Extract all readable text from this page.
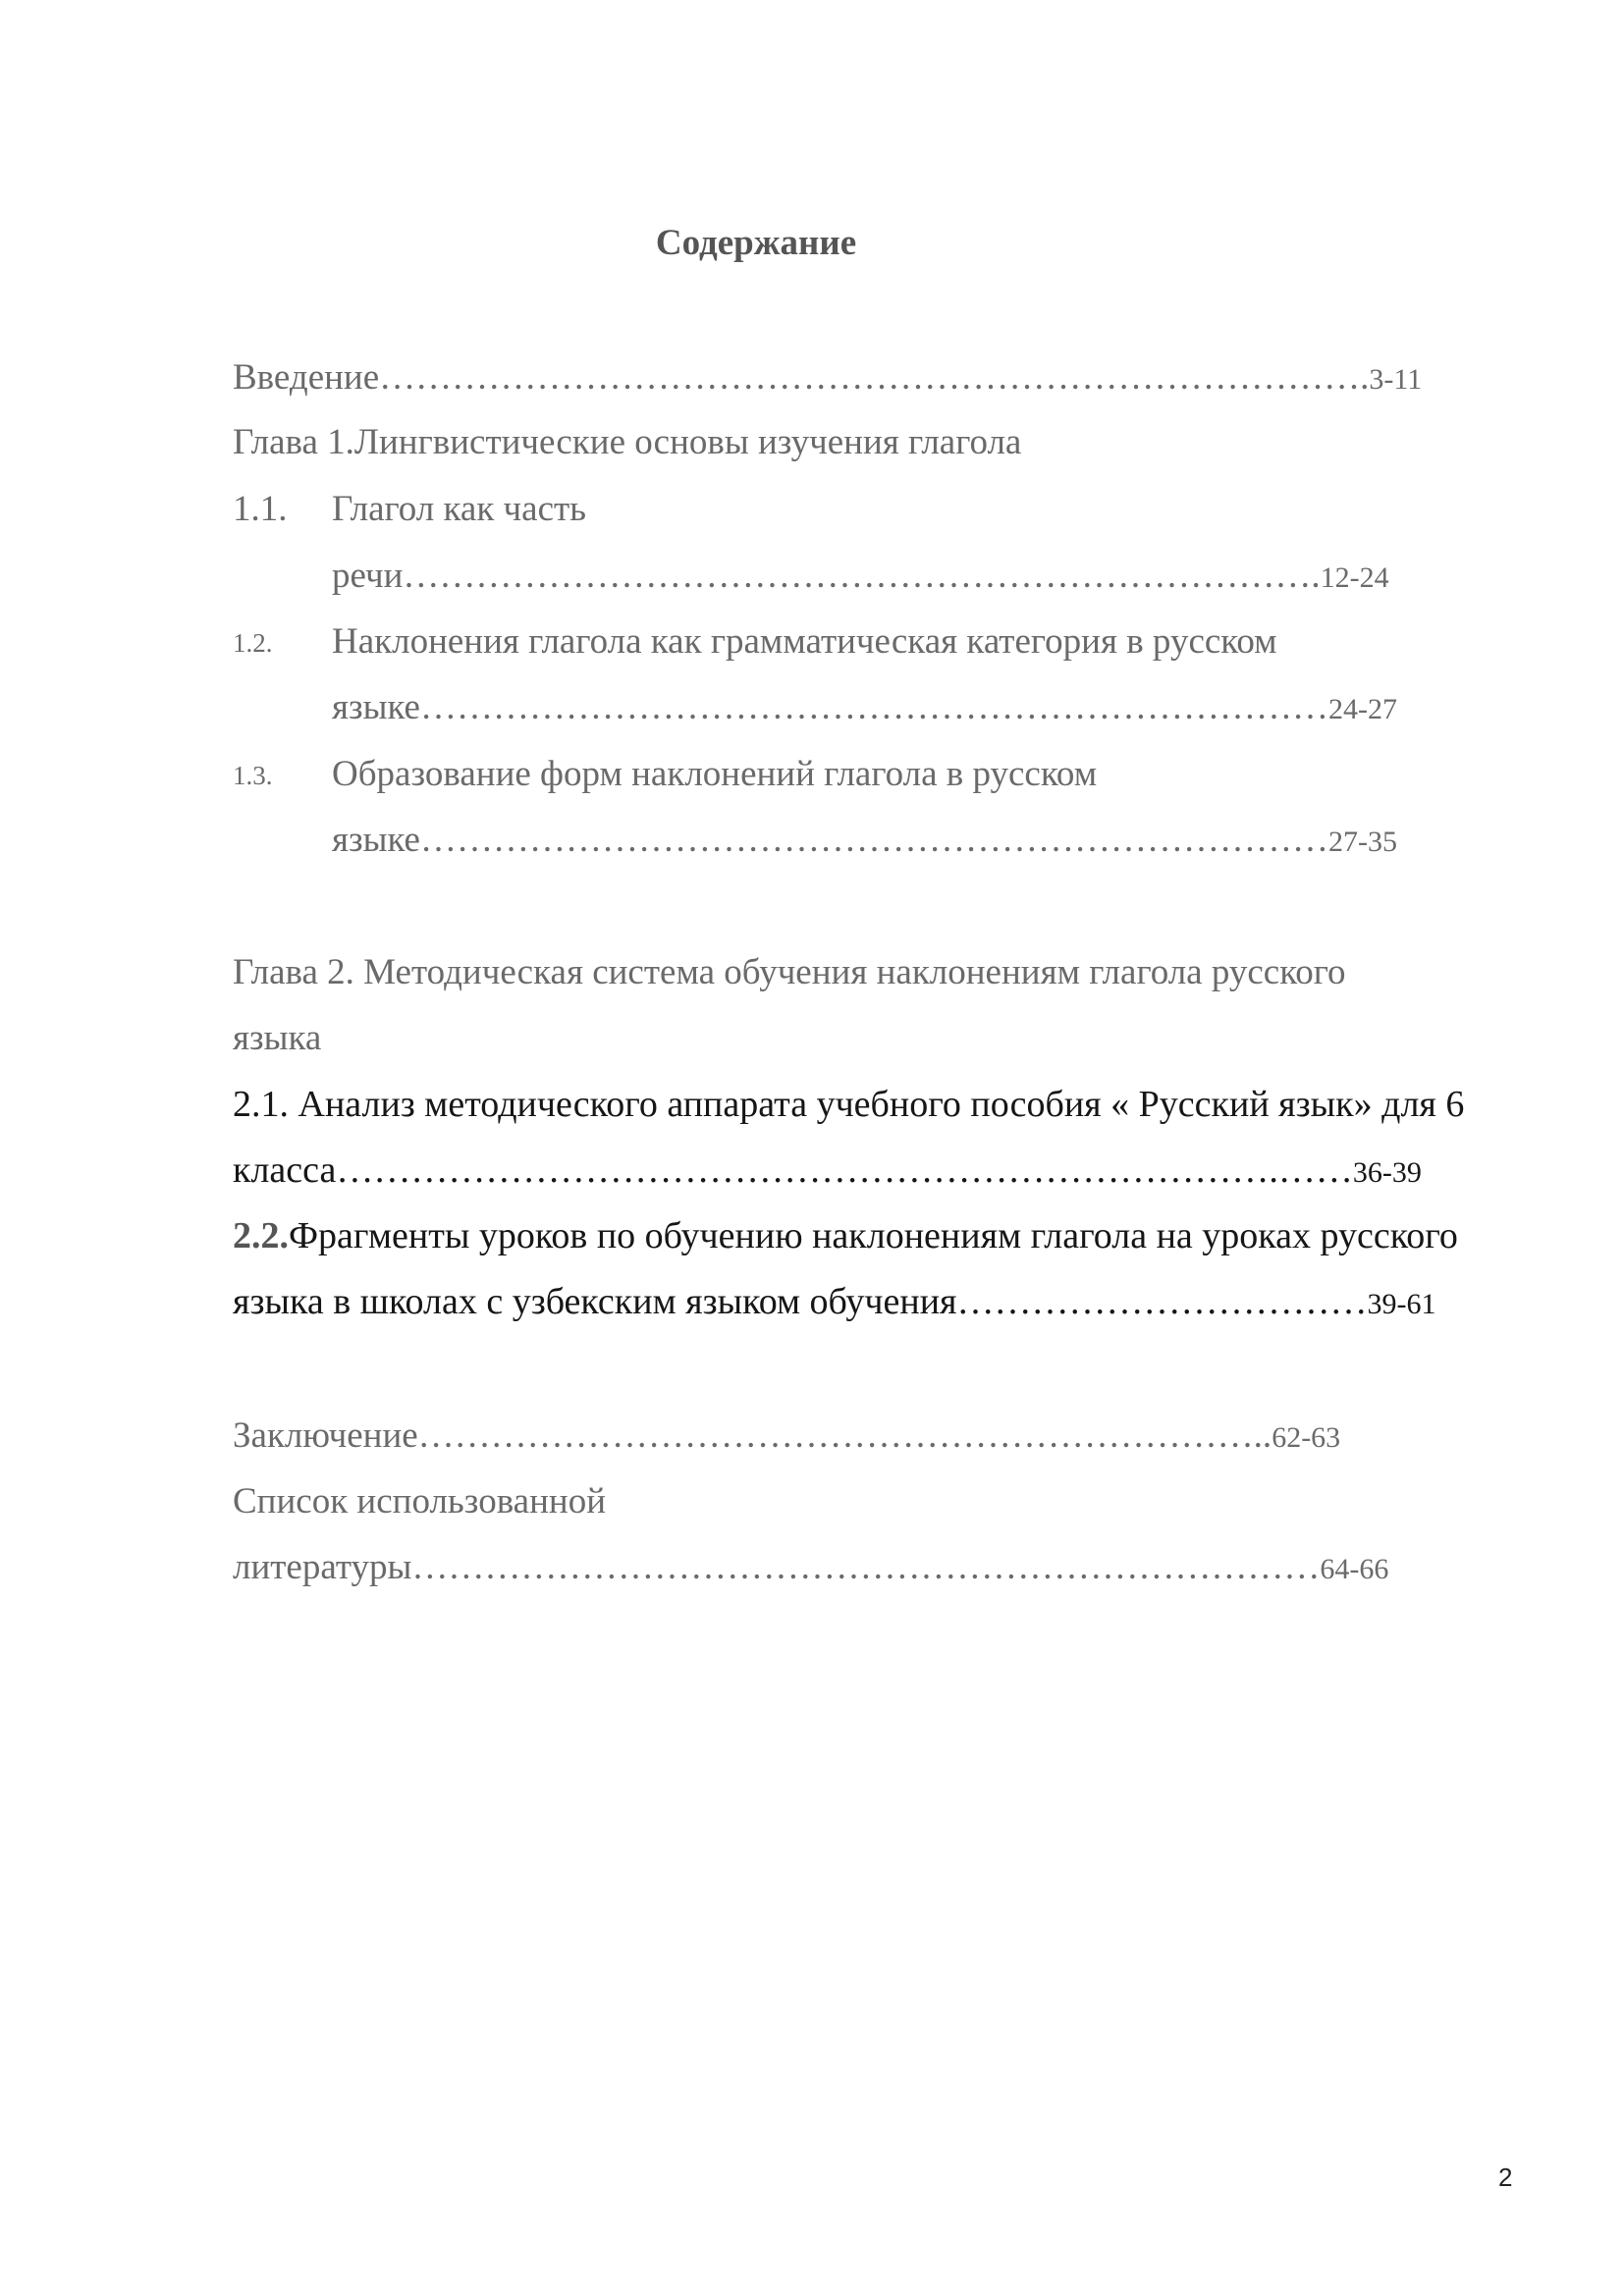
Содержание
Введение……………………………………………………………………….3-11
Глава 1.Лингвистические основы изучения глагола
1.1. Глагол как часть
речи………………………………………………………………….12-24
1.2. Наклонения глагола как грамматическая категория в русском
языке…………………………………………………………………24-27
1.3. Образование форм наклонений глагола в русском
языке…………………………………………………………………27-35
Глава 2. Методическая система обучения наклонениям глагола русского
языка
2.1. Анализ методического аппарата учебного пособия « Русский язык» для 6
класса………………………………………………………………….……36-39
2.2.Фрагменты уроков по обучению наклонениям глагола на уроках русского
языка в школах с узбекским языком обучения……………………………39-61
Заключение……………………………………………………………..62-63
Список использованной
литературы…………………………………………………………………64-66
2
